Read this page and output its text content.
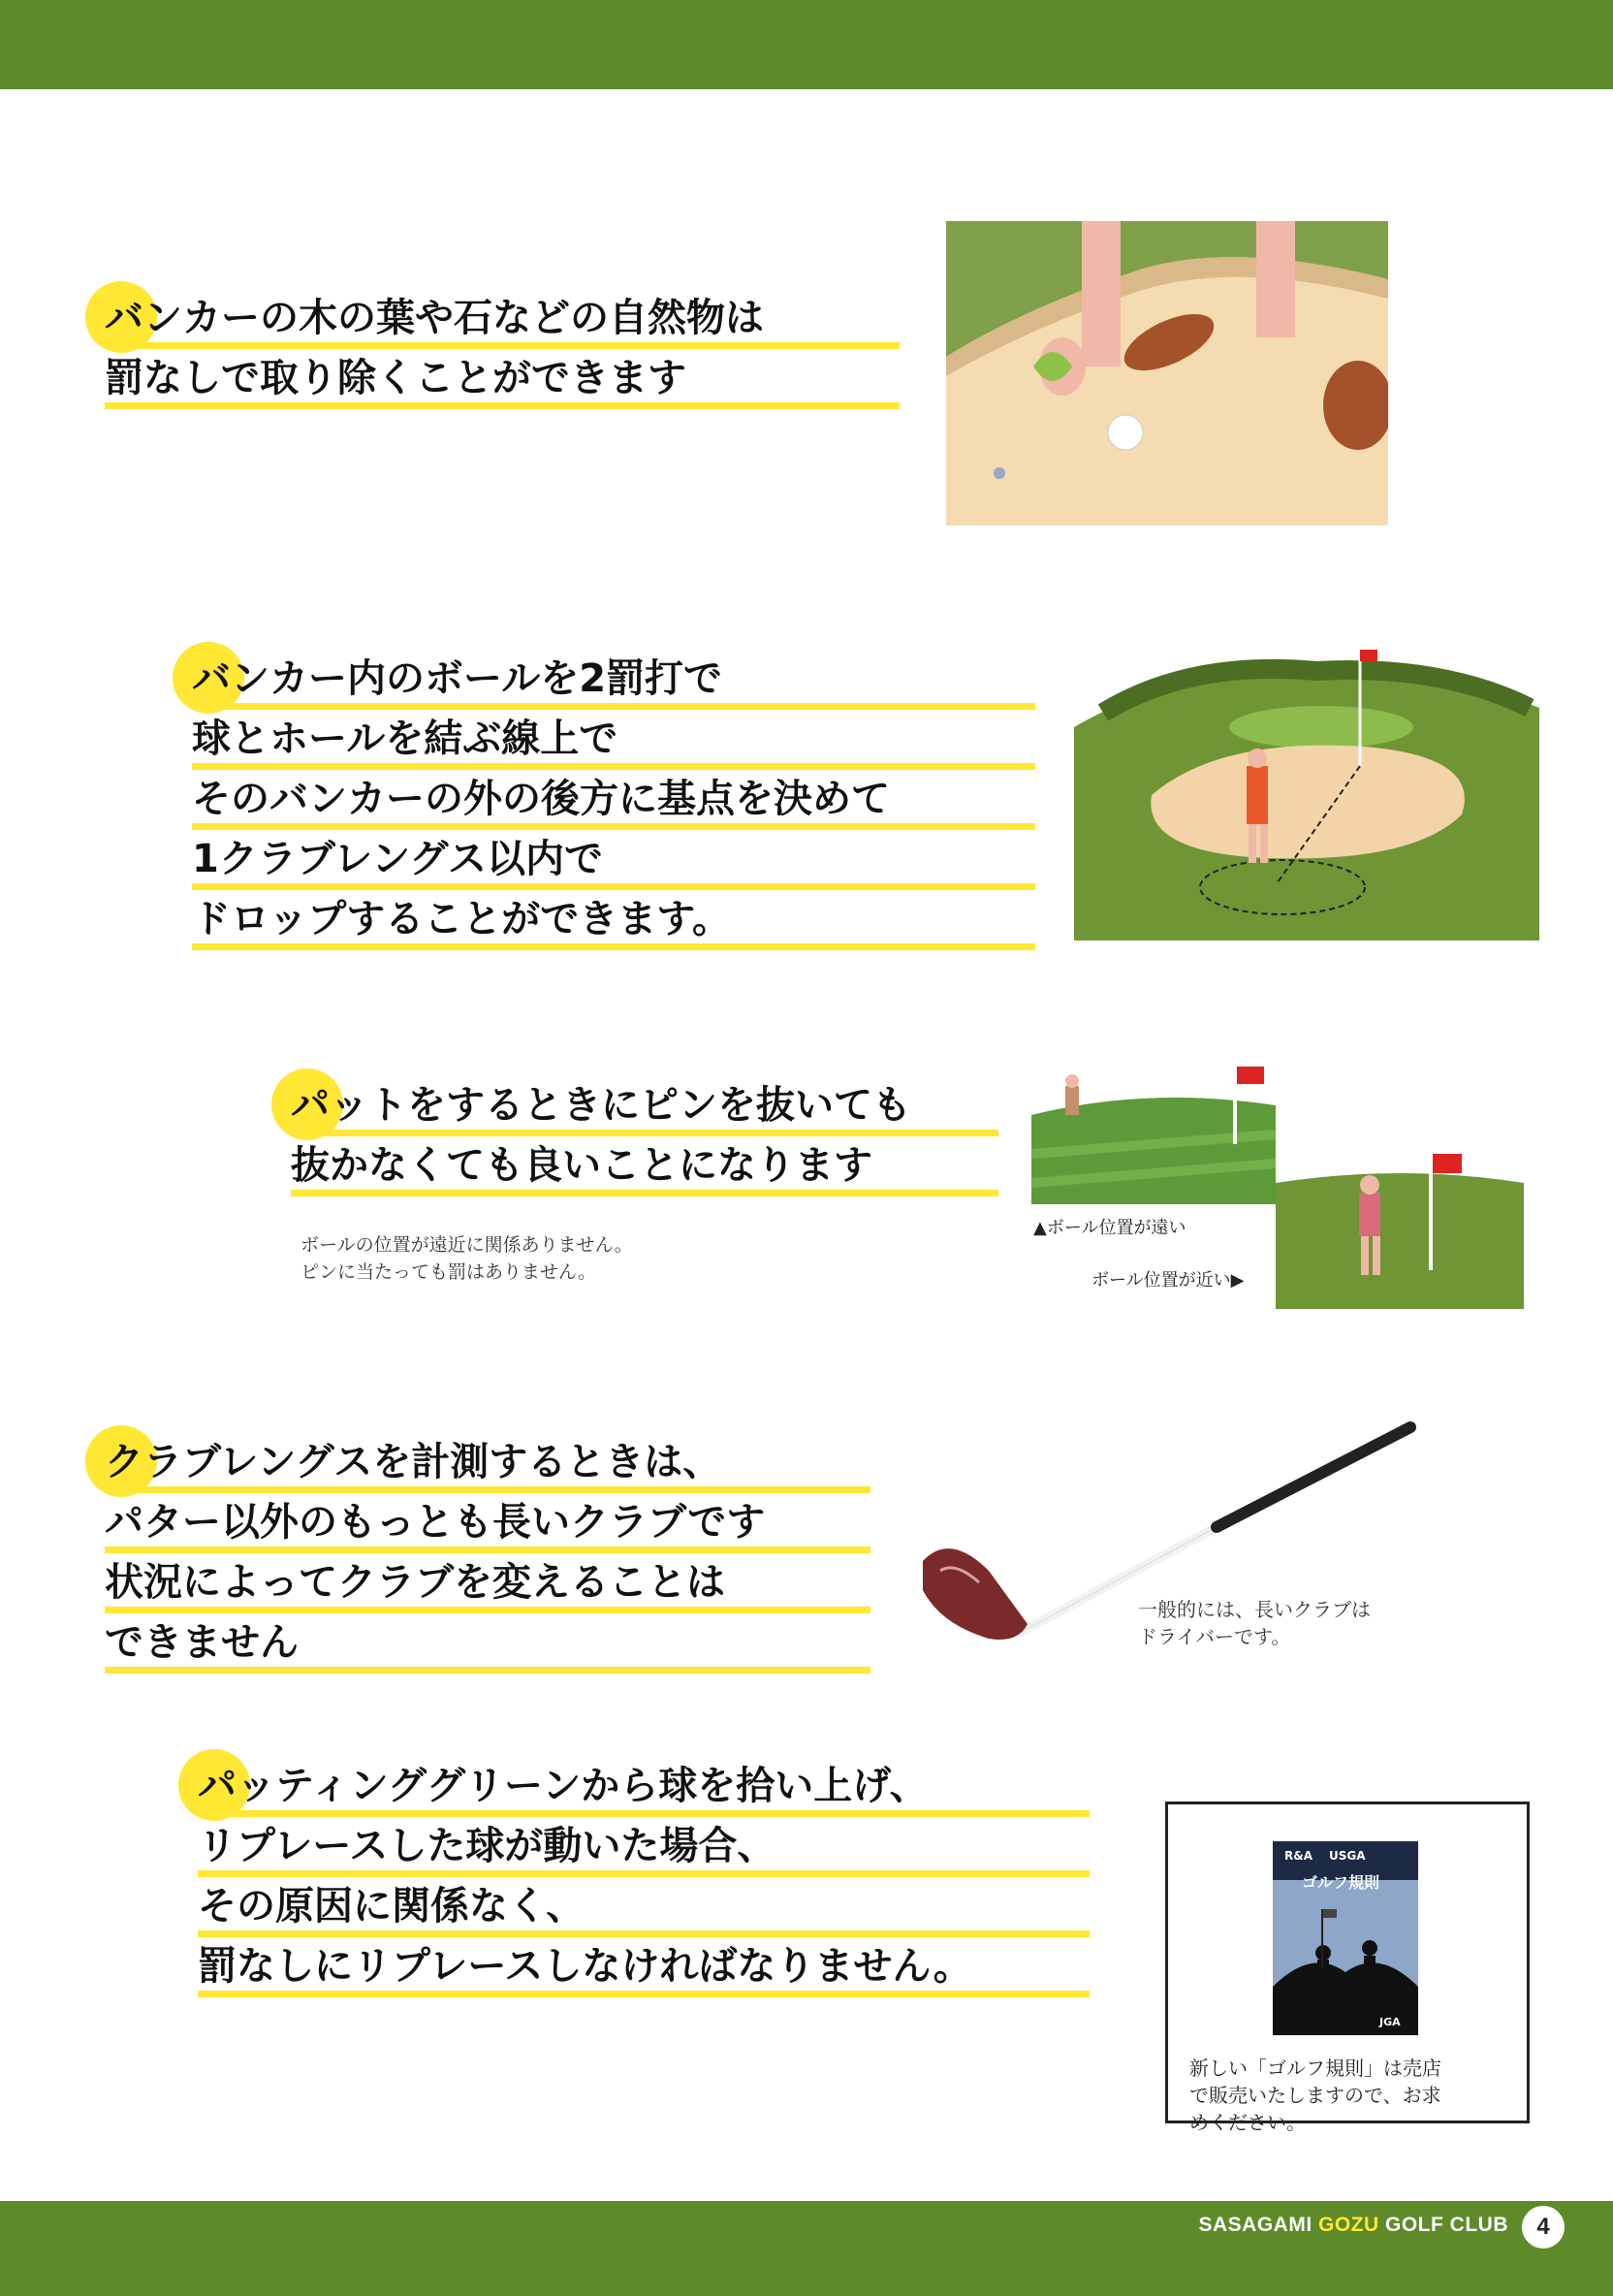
バンカーの木の葉や石などの自然物は
罰なしで取り除くことができます
バンカー内のボールを2罰打で
球とホールを結ぶ線上で
そのバンカーの外の後方に基点を決めて
1クラブレングス以内で
ドロップすることができます。
パットをするときにピンを抜いても
抜かなくても良いことになります
ボールの位置が遠近に関係ありません。
ピンに当たっても罰はありません。
▲ボール位置が遠い
ボール位置が近い▶
クラブレングスを計測するときは、
パター以外のもっとも長いクラブです
状況によってクラブを変えることは
できません
一般的には、長いクラブは
ドライバーです。
パッティンググリーンから球を拾い上げ、
リプレースした球が動いた場合、
その原因に関係なく、
罰なしにリプレースしなければなりません。
R&A USGA
ゴルフ規則
JGA
新しい「ゴルフ規則」は売店
で販売いたしますので、お求
めください。
SASAGAMI GOZU GOLF CLUB	4
